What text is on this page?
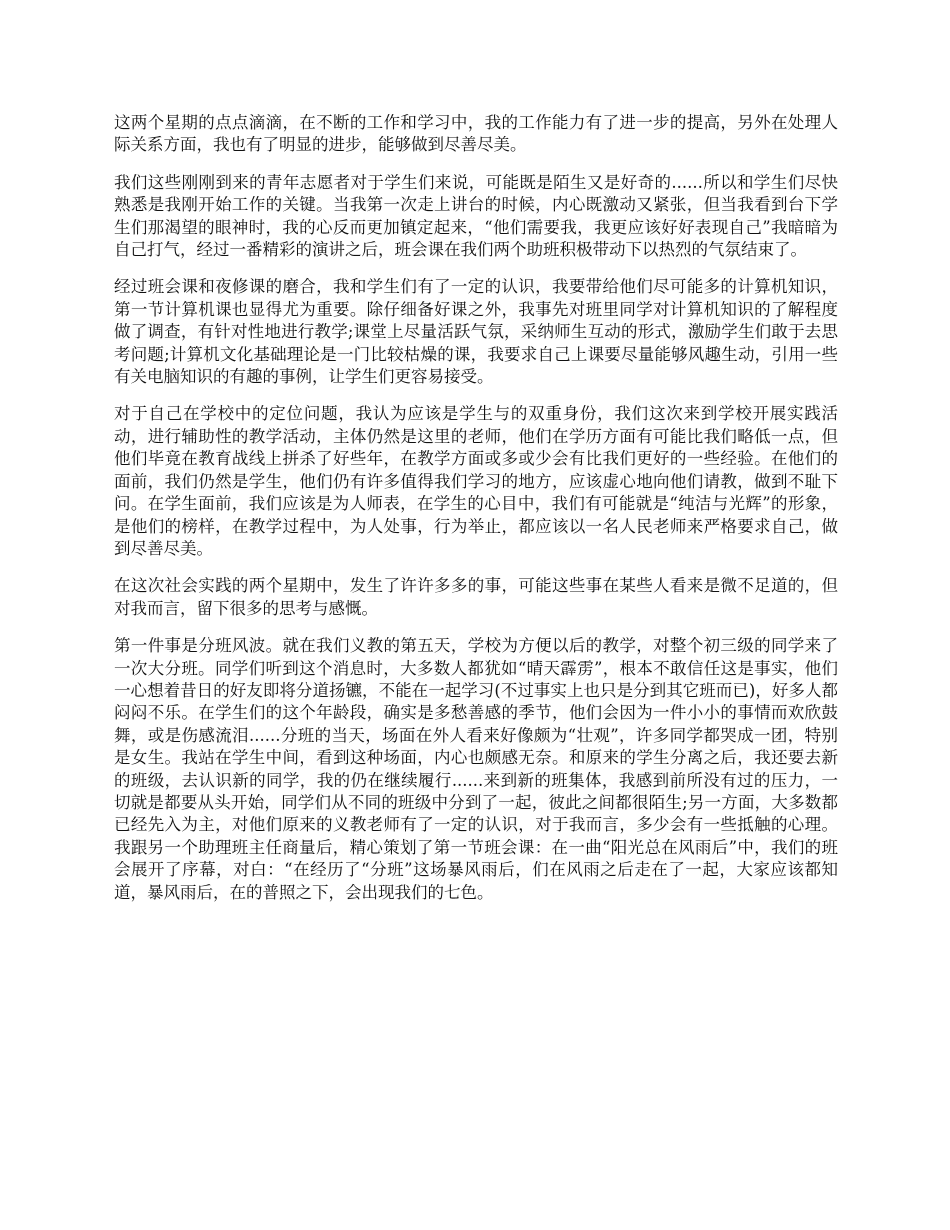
这两个星期的点点滴滴，在不断的工作和学习中，我的工作能力有了进一步的提高，另外在处理人际关系方面，我也有了明显的进步，能够做到尽善尽美。

我们这些刚刚到来的青年志愿者对于学生们来说，可能既是陌生又是好奇的......所以和学生们尽快熟悉是我刚开始工作的关键。当我第一次走上讲台的时候，内心既激动又紧张，但当我看到台下学生们那渴望的眼神时，我的心反而更加镇定起来，“他们需要我，我更应该好好表现自己”我暗暗为自己打气，经过一番精彩的演讲之后，班会课在我们两个助班积极带动下以热烈的气氛结束了。

经过班会课和夜修课的磨合，我和学生们有了一定的认识，我要带给他们尽可能多的计算机知识，第一节计算机课也显得尤为重要。除仔细备好课之外，我事先对班里同学对计算机知识的了解程度做了调查，有针对性地进行教学;课堂上尽量活跃气氛，采纳师生互动的形式，激励学生们敢于去思考问题;计算机文化基础理论是一门比较枯燥的课，我要求自己上课要尽量能够风趣生动，引用一些有关电脑知识的有趣的事例，让学生们更容易接受。

对于自己在学校中的定位问题，我认为应该是学生与的双重身份，我们这次来到学校开展实践活动，进行辅助性的教学活动，主体仍然是这里的老师，他们在学历方面有可能比我们略低一点，但他们毕竟在教育战线上拼杀了好些年，在教学方面或多或少会有比我们更好的一些经验。在他们的面前，我们仍然是学生，他们仍有许多值得我们学习的地方，应该虚心地向他们请教，做到不耻下问。在学生面前，我们应该是为人师表，在学生的心目中，我们有可能就是“纯洁与光辉”的形象，是他们的榜样，在教学过程中，为人处事，行为举止，都应该以一名人民老师来严格要求自己，做到尽善尽美。

在这次社会实践的两个星期中，发生了许许多多的事，可能这些事在某些人看来是微不足道的，但对我而言，留下很多的思考与感慨。

第一件事是分班风波。就在我们义教的第五天，学校为方便以后的教学，对整个初三级的同学来了一次大分班。同学们听到这个消息时，大多数人都犹如“晴天霹雳”，根本不敢信任这是事实，他们一心想着昔日的好友即将分道扬镳，不能在一起学习(不过事实上也只是分到其它班而已)，好多人都闷闷不乐。在学生们的这个年龄段，确实是多愁善感的季节，他们会因为一件小小的事情而欢欣鼓舞，或是伤感流泪......分班的当天，场面在外人看来好像颇为“壮观”，许多同学都哭成一团，特别是女生。我站在学生中间，看到这种场面，内心也颇感无奈。和原来的学生分离之后，我还要去新的班级，去认识新的同学，我的仍在继续履行......来到新的班集体，我感到前所没有过的压力，一切就是都要从头开始，同学们从不同的班级中分到了一起，彼此之间都很陌生;另一方面，大多数都已经先入为主，对他们原来的义教老师有了一定的认识，对于我而言，多少会有一些抵触的心理。我跟另一个助理班主任商量后，精心策划了第一节班会课：在一曲“阳光总在风雨后”中，我们的班会展开了序幕，对白：“在经历了“分班”这场暴风雨后，们在风雨之后走在了一起，大家应该都知道，暴风雨后，在的普照之下，会出现我们的七色。
